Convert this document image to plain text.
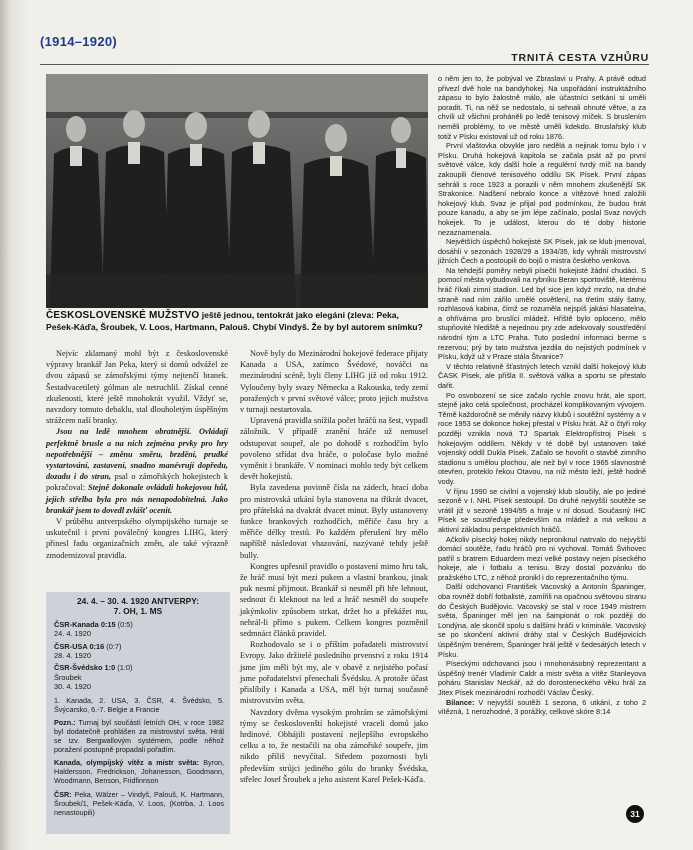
(1914–1920)
TRNITÁ CESTA VZHŮRU
ČESKOSLOVENSKÉ MUŽSTVO ještě jednou, tentokrát jako elegáni (zleva: Peka, Pešek-Káďa, Šroubek, V. Loos, Hartmann, Palouš. Chybí Vindyš. Že by byl autorem snímku?

Nejvíc zklamaný mohl být z československé výpravy brankář Jan Peka, který si domů odvážel ze dvou zápasů se zámořskými týmy nejtenčí branek. Šestadvacetiletý gólman ale netruchlil. Získal cenné zkušenosti, které ještě mnohokrát využil. Vždyť se, navzdory tomuto debaklu, stal dlouholetým úspěšným strážcem naší branky.

Jsou na ledě mnohem obratnější. Ovládají perfektně brusle a na nich zejména prvky pro hry nepotřebnější – změnu směru, brzdění, prudké vystartování, zastavení, snadno manévrují dopředu, dozadu i do stran, psal o zámořských hokejistech k pokračoval: Stejně dokonale ovládali hokejovou hůl, jejich střelba byla pro nás nenapodobitelná. Jako brankář jsem to dovedl zvlášť ocenit.

V průběhu antverpského olympijského turnaje se uskutečnil i první poválečný kongres LIHG, který přinesl řadu organizačních změn, ale také výrazně zmodernizoval pravidla.

Nově byly do Mezinárodní hokejové federace přijaty Kanada a USA, zatímco Švédové, nováčci na mezinárodní scéně, byli členy LIHG již od roku 1912. Vyloučeny byly svazy Německa a Rakouska, tedy zemí poražených v první světové válce; proto jejich mužstva v turnaji nestartovala.

Upravená pravidla snížila počet hráčů na šest, vypadl záložník. V případě zranění hráče už nemusel odstupovat soupeř, ale po dohodě s rozhodčím bylo povoleno střídat dva hráče, o poločase bylo možné vyměnit i brankáře. V nominaci mohlo tedy být celkem devět hokejistů.

Byla zavedena povinně čísla na zádech, hrací doba pro mistrovská utkání byla stanovena na třikrát dvacet, pro přátelská na dvakrát dvacet minut. Byly ustanoveny funkce brankových rozhodčích, měřiče času hry a měřiče délky trestů. Po každém přerušení hry mělo napříště následovat vhazování, nazývané tehdy ještě bully.

Kongres upřesnil pravidlo o postavení mimo hru tak, že hráč musí být mezi pukem a vlastní brankou, jinak puk nesmí přijmout. Brankář si nesměl při hře lehnout, sednout či kleknout na led a hráč nesměl do soupeře jakýmkoliv způsobem strkat, držet ho a překážet mu, nehrál-li přímo s pukem. Celkem kongres pozměnil sedmnáct článků pravidel.

Rozhodovalo se i o příštím pořadateli mistrovství Evropy. Jako držitelé posledního prvenství z roku 1914 jsme jím měli být my, ale v obavě z nejistého počasí jsme pořadatelství přenechali Švédsku. A protože účast přislíbily i Kanada a USA, měl být turnaj současně mistrovstvím světa.

Navzdory dvěma vysokým prohrám se zámořskými týmy se českoslovenští hokejisté vraceli domů jako hrdinové. Obhájili postavení nejlepšího evropského celku a to, že nestačili na oba zámořské soupeře, jim nikdo příliš nevyčítal. Středem pozornosti byli především strůjci jediného gólu do branky Švédska, střelec Josef Šroubek a jeho asistent Karel Pešek-Káďa.

o něm jen to, že pobýval ve Zbraslavi u Prahy. A právě odtud přivezl dvě hole na bandyhokej. Na uspořádání instruktážního zápasu to bylo žalostně málo, ale účastníci setkání si uměli poradit. Ti, na něž se nedostalo, si sehnali ohnuté větve, a za chvíli už všichni proháněli po ledě tenisový míček. S bruslením neměli problémy, to ve městě uměli kdekdo. Bruslařský klub totiž v Písku existoval už od roku 1876.

První vlaštovka obvykle jaro nedělá a nejinak tomu bylo i v Písku. Druhá hokejová kapitola se začala psát až po první světové válce, kdy další hole a regulérní tvrdý míč na bandy zakoupili členové tenisového oddílu SK Písek. První zápas sehráli s roce 1923 a porazili v něm mnohem zkušenější SK Strakonice. Nadšení nebralo konce a vítězové hned založili hokejový klub. Svaz je přijal pod podmínkou, že budou hrát pouze kanadu, a aby se jim lépe začínalo, poslal Svaz nových hokejek. To je událost, kterou do té doby historie nezaznamenala.

Největších úspěchů hokejisté SK Písek, jak se klub jmenoval, dosáhli v sezonách 1928/29 a 1934/35, kdy vyhráli mistrovství jižních Čech a postoupili do bojů o mistra českého venkova.

Na tehdejší poměry nebyli písečtí hokejisté žádní chudáci. S pomocí města vybudovali na rybníku Beran sportoviště, kterému hráč říkali zimní stadion. Led byl sice jen když mrzlo, na druhé straně nad ním zářilo umělé osvětlení, na třetím stály šatny, rozhlasová kabina, čímž se rozuměla nejspíš jakási hlasatelna, a ohřívárna pro bruslící mládež. Hřiště bylo oploceno, mělo stupňovité hlediště a nejednou pry zde adekvovaly soustředění národní tým a LTC Praha. Tuto poslední informaci berme s rezervou; prý by tato mužstva jezdila do nejistých podmínek v Písku, když už v Praze stála Štvanice?

V těchto relativně šťastných letech vznikl další hokejový klub ČASK Písek, ale přišla II. světová válka a sportu se přestalo dařit.

Po osvobození se sice začalo rychle znovu hrát, ale sport, stejně jako celá společnost, procházel komplikovaným vývojem. Těmě každoročně se měnily názvy klubů i soutěžní systémy a v roce 1953 se dokonce hokej přestal v Písku hrát. Až o čtyři roky později vznikla nová TJ Spartak Elektropřístroj Písek s hokejovým oddílem. Někdy v té době byl ustanoven také vojenský oddíl Dukla Písek. Začalo se hovořit o stavbě zimního stadionu s umělou plochou, ale než byl v roce 1965 slavnostně otevřen, proteklo řekou Otavou, na níž město leží, ještě hodně vody.

V říjnu 1990 se civilní a vojenský klub sloučily, ale po jediné sezoně v I. NHL Písek sestoupil. Do druhé nejvyšší soutěže se vrátil již v sezoně 1994/95 a hraje v ní dosud. Současný IHC Písek se soustřeďuje především na mládež a má velkou a aktivní základnu perspektivních hráčů.

Ačkoliv písecký hokej nikdy neproniknul natrvalo do nejvyšší domácí soutěže, řadu hráčů pro ni vychoval. Tomáš Švihovec patřil s bratrem Eduardem mezi velké postavy nejen píseckého hokeje, ale i fotbalu a tenisu. Brzy dostal pozvánku do pražského LTC, z něhož pronikl i do reprezentačního týmu.

Další odchovanci František Vacovský a Antonín Španinger, oba rovněž dobří fotbalisté, zamířili na opačnou světovou stranu do Českých Budějovic. Vacovský se stal v roce 1949 mistrem světa, Španinger měl jen na šampionát o rok později do Londýna, ale skončil spolu s dalšími hráči v kriminále. Vacovský se po skončení aktivní dráhy stal v Českých Budějovicích úspěšným trenérem, Španinger hrál ještě v šedesátých letech v Písku.

Píseckými odchovanci jsou i mnohonásobný reprezentant a úspěšný trenér Vladimír Caldr a mistr světa a vítěz Stanleyova poháru Stanislav Neckář, až do dorosteneckého věku hrál za Jitex Písek mezinárodní rozhodčí Václav Český.

Bilance: V nejvyšší soutěži 1 sezona, 6 utkání, z toho 2 vítězná, 1 nerozhodné, 3 porážky, celkové skóre 8:14

24. 4. – 30. 4. 1920 ANTVERPY:
7. OH, 1. MS
ČSR-Kanada 0:15 (0:5)
24. 4. 1920
ČSR-USA 0:16 (0:7)
28. 4. 1920
ČSR-Švédsko 1:0 (1:0)
Šroubek
30. 4. 1920
1. Kanada, 2. USA, 3. ČSR, 4. Švédsko, 5. Švýcarsko, 6.-7. Belgie a Francie
Pozn.: Turnaj byl součástí letních OH, v roce 1982 byl dodatečně prohlášen za mistrovství světa. Hrál se tzv. Bergwallovým systémem, podle něhož poražení postupně propadali pořadím.
Kanada, olympijský vítěz a mistr světa: Byron, Haldersson, Fredrickson, Johanesson, Goodmann, Woodmann, Benson, Fridfinnson
ČSR: Peka, Wälzer – Vindyš, Palouš, K. Hartmann, Šroubek/1, Pešek-Káďa, V. Loos, (Kotrba, J. Loos nenastoupili)	31
